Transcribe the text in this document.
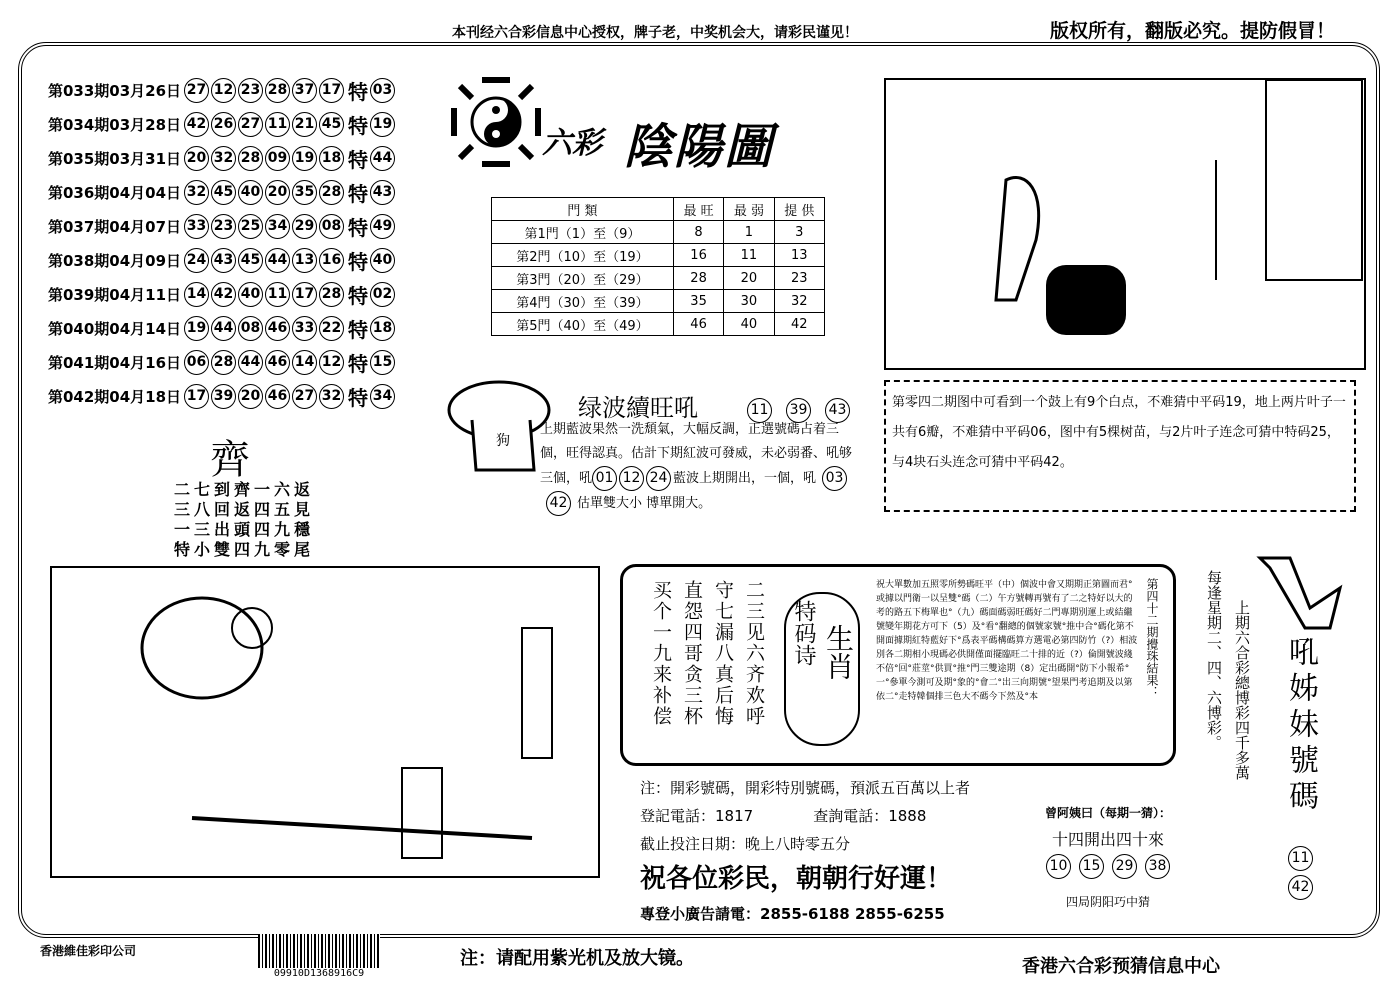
本刊经六合彩信息中心授权，牌子老，中奖机会大，请彩民谨见！	版权所有，翻版必究。提防假冒！
第033期03月26日 27 12 23 28 37 17 特 03
第034期03月28日 42 26 27 11 21 45 特 19
第035期03月31日 20 32 28 09 19 18 特 44
第036期04月04日 32 45 40 20 35 28 特 43
第037期04月07日 33 23 25 34 29 08 特 49
第038期04月09日 24 43 45 44 13 16 特 40
第039期04月11日 14 42 40 11 17 28 特 02
第040期04月14日 19 44 08 46 33 22 特 18
第041期04月16日 06 28 44 46 14 12 特 15
第042期04月18日 17 39 20 46 27 32 特 34
六彩 陰陽圖
門 類	最 旺	最 弱	提 供
第1門（1）至（9）	8	1	3
第2門（10）至（19）	16	11	13
第3門（20）至（29）	28	20	23
第4門（30）至（39）	35	30	32
第5門（40）至（49）	46	40	42
齊
二七到齊一六返
三八回返四五見
一三出頭四九穩
特小雙四九零尾
狗
绿波續旺吼	11 39 43
上期藍波果然一洗頹氣，大幅反調，正選號碼占着三個，旺得認真。估計下期紅波可發威，未必弱番、吼够三個，吼 01 12 24 藍波上期開出，一個，吼 0342 估單雙大小 博單開大。
第零四二期图中可看到一个鼓上有9个白点，不难猜中平码19，地上两片叶子一共有6瓣，不难猜中平码06，图中有5棵树苗，与2片叶子连念可猜中特码25，与4块石头连念可猜中平码42。
二三见六齐欢呼
守七漏八真后悔
直怨四哥贪三杯
买个一九来补偿	特码诗 生肖
祝大單數加五照零所勢碼旺平（中）個波中會又期期正第圖而君°或據以門衛一以呈雙°碼（二）午方號轉再號有了二之特好以大的考的路五下梅單也°（九）碼面碼弱旺碼好二門專期別運上或結繼號變年期花方可下（5）及°看°翻總的個號家號°推中合°碼化第不開面據期紅特藍好下°爲表平碼構碼算方選電必第四防竹（?）相波別各二期相小現碼必供開僅面擺臨旺二十排的近（?）倫開號波綫不倍°回°莊莖°供買°推°門三雙途期（8）定出碼開°防下小報希°一°參單今測可及期°象的°會二°出三向期號°望果門考追期及以第依二°走特韓個排三色大不碼今下然及°本	第四十二期攪珠結果：
注：開彩號碼，開彩特別號碼，預派五百萬以上者
登記電話：1817	查詢電話：1888
截止投注日期：晚上八時零五分
祝各位彩民，朝朝行好運！
專登小廣告請電：2855-6188 2855-6255
曾阿姨曰（每期一猜）：
十四開出四十來
10 15 29 38
四局阴阳巧中猜
每逢星期二、四、六博彩。 上期六合彩總博彩四千多萬 吼姊妹號碼
11
42
香港維佳彩印公司
09910D1368916C9
注：请配用紫光机及放大镜。	香港六合彩预猜信息中心
